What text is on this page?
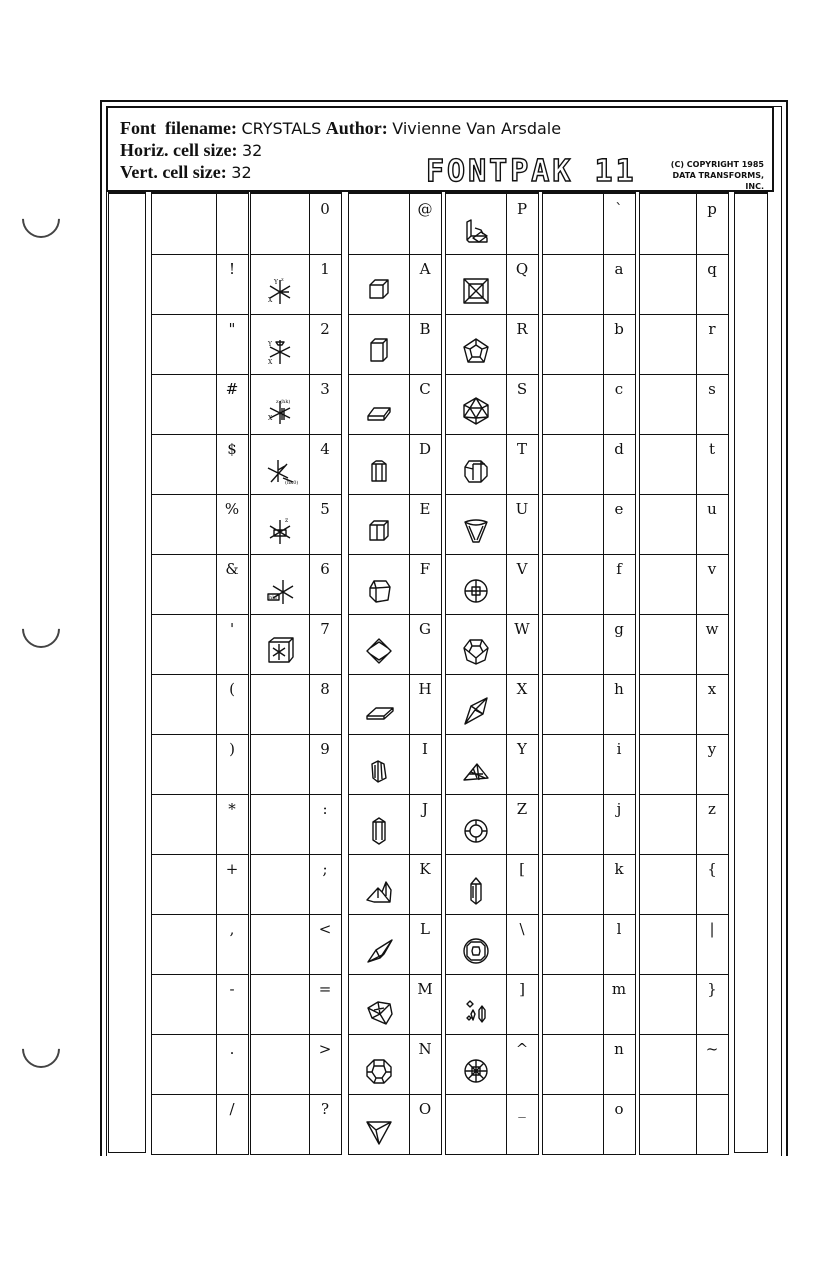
Font filename: CRYSTALS Author: Vivienne Van Arsdale
Horiz. cell size: 32
Vert. cell size: 32	FONTPAK 11	(C) COPYRIGHT 1985
DATA TRANSFORMS, INC.
!
"
#
$
%
&
'
(
)
*
+
,
-
.
/
0
1
Y
X
z
2
Y
X
3
z (hk)
X
4
(hk0)
5
z
6
hkl
7
8
9
:
;
<
=
>
?
@
A
B
C
D
E
F
G
H
I
J
K
L
M
N
O
P
Q
R
S
T
U
V
W
X
Y
Z
[
\
]
^
_
`
a
b
c
d
e
f
g
h
i
j
k
l
m
n
o
p
q
r
s
t
u
v
w
x
y
z
{
|
}
~
